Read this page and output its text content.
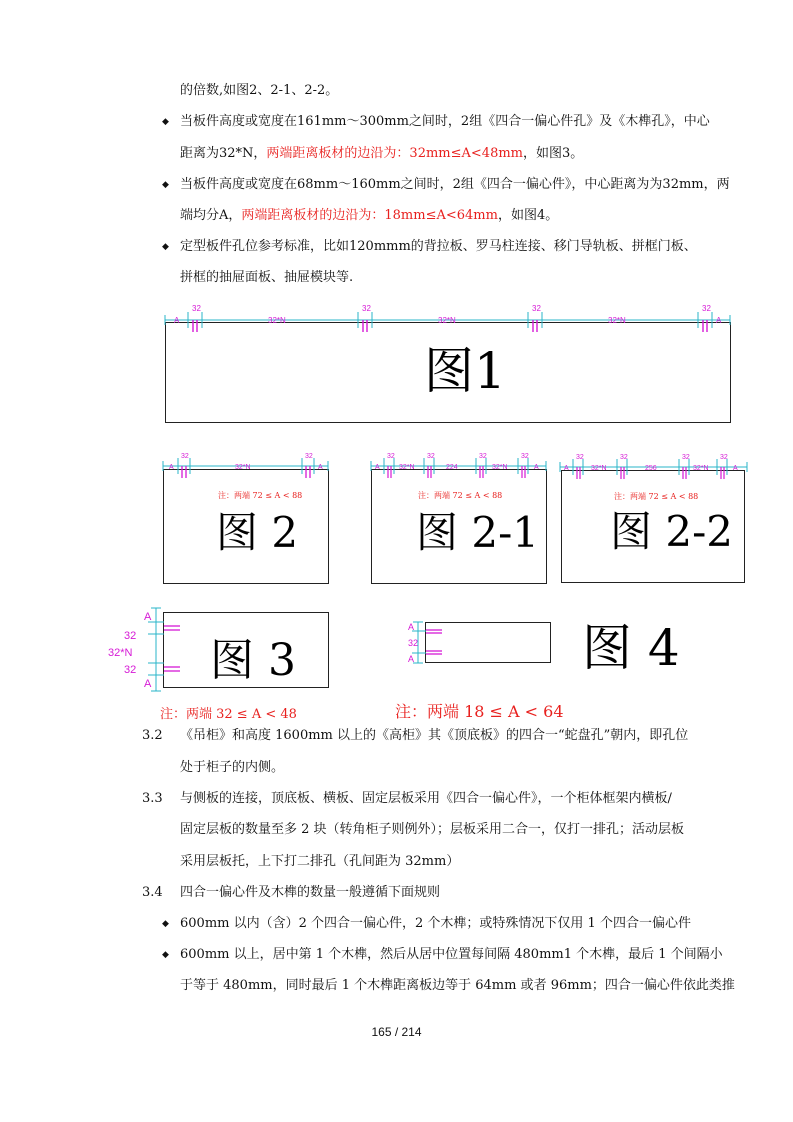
的倍数,如图2、2-1、2-2。
◆ 当板件高度或宽度在161mm～300mm之间时，2组《四合一偏心件孔》及《木榫孔》，中心
距离为32*N，两端距离板材的边沿为：32mm≤A<48mm，如图3。
◆ 当板件高度或宽度在68mm～160mm之间时，2组《四合一偏心件》，中心距离为为32mm，两
端均分A，两端距离板材的边沿为：18mm≤A<64mm，如图4。
◆ 定型板件孔位参考标准，比如120mmm的背拉板、罗马柱连接、移门导轨板、拼框门板、
拼框的抽屉面板、抽屉模块等.
图1
A	32*N	32*N	32*N	A
32	32	32	32
注：两端 72 ≤ A < 88
图 2
A	32*N	A
32	32
注：两端 72 ≤ A < 88
图 2-1
A	32*N	224	32*N	A
32	32	32	32
注：两端 72 ≤ A < 88
图 2-2
A	32*N	256	32*N	A
32	32	32	32
图 3
A
32
32*N
32
A
注：两端 32 ≤ A < 48
A
32
A	图 4
注：两端 18 ≤ A < 64
3.2 《吊柜》和高度 1600mm 以上的《高柜》其《顶底板》的四合一“蛇盘孔”朝内，即孔位
处于柜子的内侧。
3.3 与侧板的连接，顶底板、横板、固定层板采用《四合一偏心件》，一个柜体框架内横板/
固定层板的数量至多 2 块（转角柜子则例外）；层板采用二合一，仅打一排孔；活动层板
采用层板托，上下打二排孔（孔间距为 32mm）
3.4 四合一偏心件及木榫的数量一般遵循下面规则
◆ 600mm 以内（含）2 个四合一偏心件，2 个木榫；或特殊情况下仅用 1 个四合一偏心件
◆ 600mm 以上，居中第 1 个木榫，然后从居中位置每间隔 480mm1 个木榫，最后 1 个间隔小
于等于 480mm，同时最后 1 个木榫距离板边等于 64mm 或者 96mm；四合一偏心件依此类推
165 / 214
